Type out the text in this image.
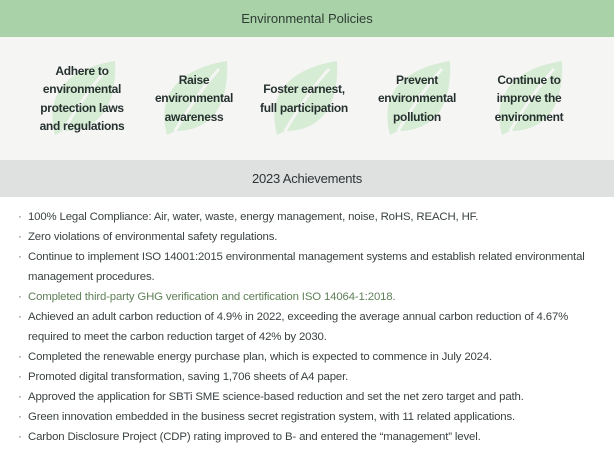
Environmental Policies
Adhere to
environmental
protection laws
and regulations
Raise
environmental
awareness
Foster earnest,
full participation
Prevent
environmental
pollution
Continue to
improve the
environment
2023 Achievements
· 100% Legal Compliance: Air, water, waste, energy management, noise, RoHS, REACH, HF.
· Zero violations of environmental safety regulations.
· Continue to implement ISO 14001:2015 environmental management systems and establish related environmental management procedures.
· Completed third-party GHG verification and certification ISO 14064-1:2018.
· Achieved an adult carbon reduction of 4.9% in 2022, exceeding the average annual carbon reduction of 4.67% required to meet the carbon reduction target of 42% by 2030.
· Completed the renewable energy purchase plan, which is expected to commence in July 2024.
· Promoted digital transformation, saving 1,706 sheets of A4 paper.
· Approved the application for SBTi SME science-based reduction and set the net zero target and path.
· Green innovation embedded in the business secret registration system, with 11 related applications.
· Carbon Disclosure Project (CDP) rating improved to B- and entered the “management” level.
